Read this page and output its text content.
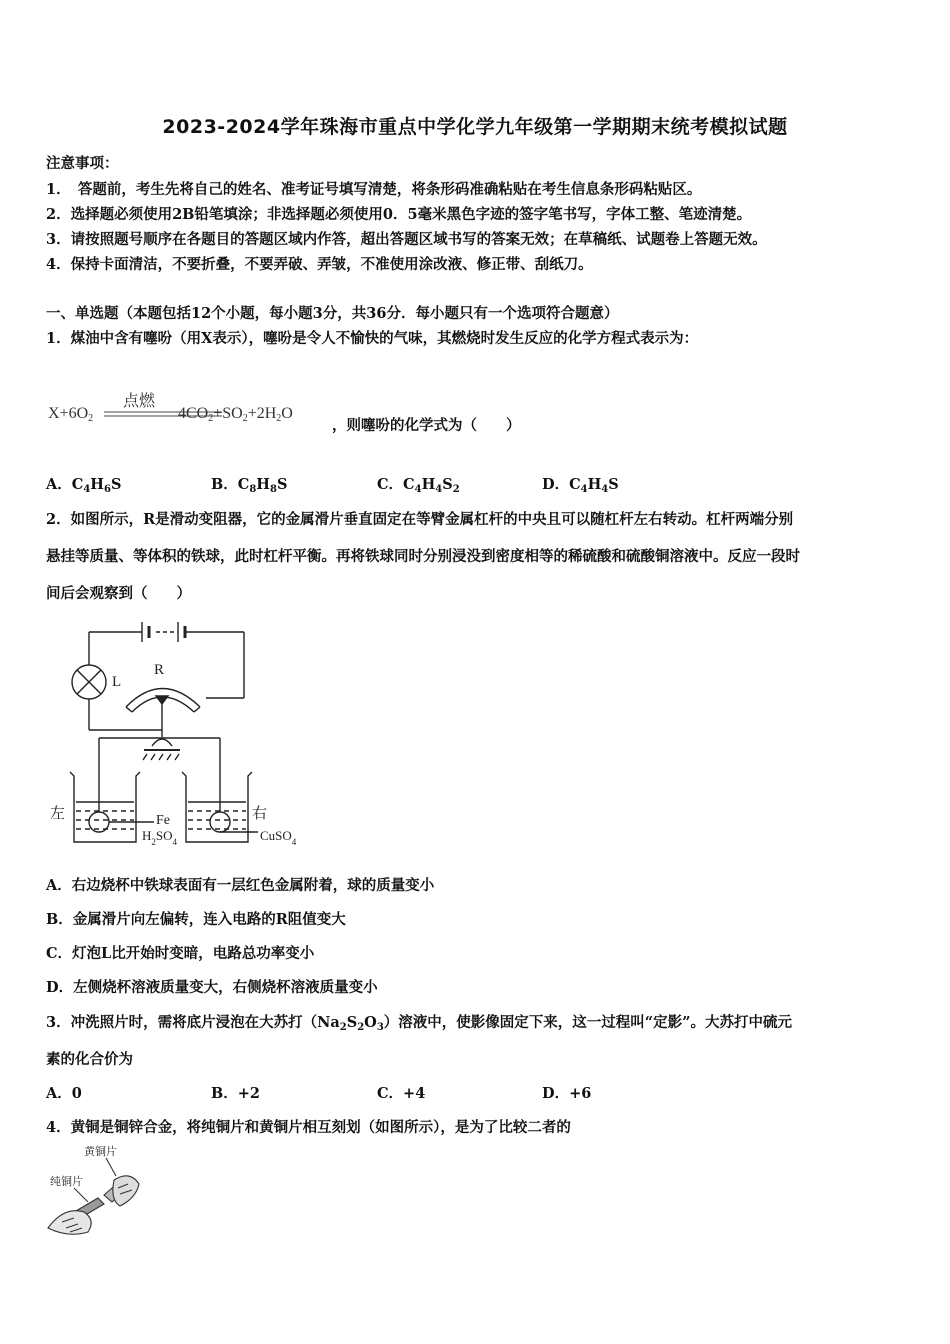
2023-2024学年珠海市重点中学化学九年级第一学期期末统考模拟试题
注意事项：
1．　答题前，考生先将自己的姓名、准考证号填写清楚，将条形码准确粘贴在考生信息条形码粘贴区。
2．选择题必须使用2B铅笔填涂；非选择题必须使用0．5毫米黑色字迹的签字笔书写，字体工整、笔迹清楚。
3．请按照题号顺序在各题目的答题区域内作答，超出答题区域书写的答案无效；在草稿纸、试题卷上答题无效。
4．保持卡面清洁，不要折叠，不要弄破、弄皱，不准使用涂改液、修正带、刮纸刀。
一、单选题（本题包括12个小题，每小题3分，共36分．每小题只有一个选项符合题意）
1．煤油中含有噻吩（用X表示），噻吩是令人不愉快的气味，其燃烧时发生反应的化学方程式表示为：
$X+6O_2$
点燃
$4CO_2+SO_2+2H_2O$
，则噻吩的化学式为（　　）
A．$C_4H_6S$	B．$C_8H_8S$	C．$C_4H_4S_2$	D．$C_4H_4S$
2．如图所示，R是滑动变阻器，它的金属滑片垂直固定在等臂金属杠杆的中央且可以随杠杆左右转动。杠杆两端分别
悬挂等质量、等体积的铁球，此时杠杆平衡。再将铁球同时分别浸没到密度相等的稀硫酸和硫酸铜溶液中。反应一段时
间后会观察到（　　）
L
R
左	右
Fe
$H_2SO_4$	CuSO$_4$
A．右边烧杯中铁球表面有一层红色金属附着，球的质量变小
B．金属滑片向左偏转，连入电路的R阻值变大
C．灯泡L比开始时变暗，电路总功率变小
D．左侧烧杯溶液质量变大，右侧烧杯溶液质量变小
3．冲洗照片时，需将底片浸泡在大苏打$(Na_2S_2O_3)$溶液中，使影像固定下来，这一过程叫“定影”。大苏打中硫元
素的化合价为
A．0	B．+2	C．+4	D．+6
4．黄铜是铜锌合金，将纯铜片和黄铜片相互刻划（如图所示），是为了比较二者的
黄铜片
纯铜片
